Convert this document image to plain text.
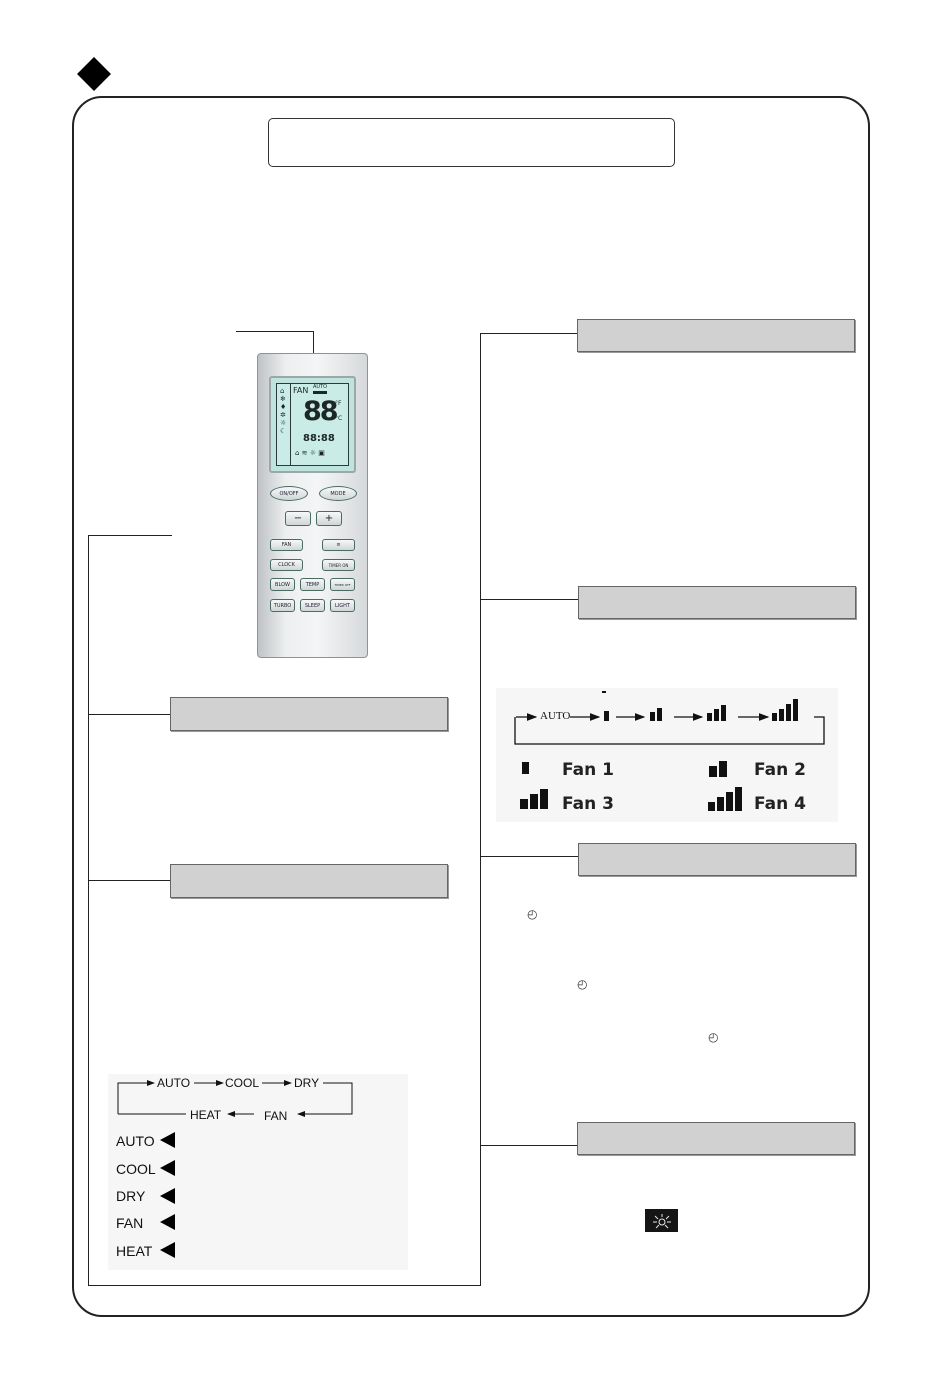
FAN AUTO
⌂
❄
♦
✲
☼
☾
88
°F
°C
88:88
⌂ ≋ ☼ ▣
ON/OFF	MODE
−	+
FAN	≡
CLOCK	TIMER ON
BLOW	TEMP	TIMER OFF
TURBO	SLEEP	LIGHT
AUTO
Fan 1	Fan 2
Fan 3	Fan 4
◴
◴
◴
AUTO	COOL	DRY
HEAT	FAN
AUTO
COOL
DRY
FAN
HEAT
